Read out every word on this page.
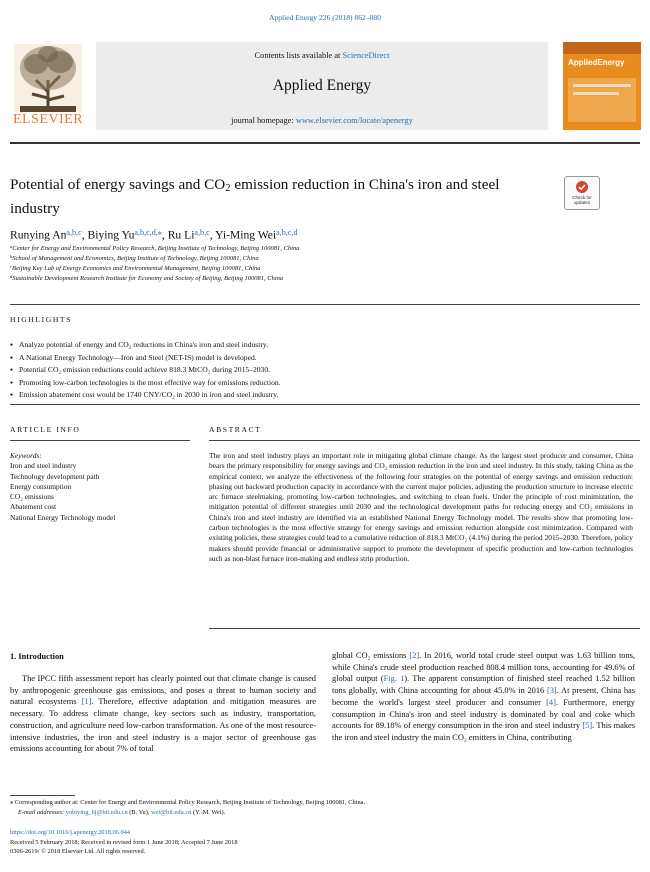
Applied Energy 226 (2018) 862–880
ELSEVIER
Contents lists available at ScienceDirect
Applied Energy
journal homepage: www.elsevier.com/locate/apenergy
AppliedEnergy
Potential of energy savings and $CO_2$ emission reduction in China's iron and steel industry
Check for updates
Runying An$^{a,b,c}$, Biying $Yu^{a,b,c,d,⁎}$, Ru Li$^{a,b,c}$, Yi-Ming Wei$^{a,b,c,d}$
$^a$Center for Energy and Environmental Policy Research, Beijing Institute of Technology, Beijing 100081, China
$^b$School of Management and Economics, Beijing Institute of Technology, Beijing 100081, China
$^c$Beijing Key Lab of Energy Economics and Environmental Management, Beijing 100081, China
$^d$Sustainable Development Research Institute for Economy and Society of Beijing, Beijing 100081, China
HIGHLIGHTS
● Analyze potential of energy and CO₂ reductions in China's iron and steel industry.
● A National Energy Technology—Iron and Steel (NET-IS) model is developed.
● Potential CO₂ emission reductions could achieve 818.3 MtCO₂ during 2015–2030.
● Promoting low-carbon technologies is the most effective way for emissions reduction.
● Emission abatement cost would be 1740 CNY/CO₂ in 2030 in iron and steel industry.
ARTICLE INFO
Keywords:
Iron and steel industry
Technology development path
Energy consumption
CO₂ emissions
Abatement cost
National Energy Technology model
ABSTRACT
The iron and steel industry plays an important role in mitigating global climate change. As the largest steel producer and consumer, China bears the primary responsibility for energy savings and CO₂ emission reduction in the iron and steel industry. In this study, taking China as the empirical context, we analyze the effectiveness of the following four strategies on the potential of energy savings and emission reduction: phasing out backward production capacity in accordance with the current major policies, adjusting the production structure to increase electric arc furnace steelmaking, promoting low-carbon technologies, and switching to clean fuels. Under the principle of cost minimization, the mitigation potential of different strategies until 2030 and the technological development paths for reducing energy and CO₂ emissions in China's iron and steel industry are identified via an established National Energy Technology model. The results show that promoting low-carbon technologies is the most effective strategy for energy savings and emission reduction alongside cost minimization. Compared with existing policies, these strategies could lead to a cumulative reduction of 818.3 MtCO₂ (4.1%) during the period 2015–2030. Therefore, policy makers should provide financial or administrative support to promote the development of specific production and low-carbon technologies such as non-blast furnace iron-making and endless strip production.
1. Introduction
The IPCC fifth assessment report has clearly pointed out that climate change is caused by anthropogenic greenhouse gas emissions, and poses a threat to human society and natural ecosystems [1]. Therefore, effective adaptation and mitigation measures are necessary. To address climate change, key sectors such as industry, transportation, construction, and agriculture need low-carbon transformation. As one of the most resource-intensive industries, the iron and steel industry is a major sector of greenhouse gas emissions accounting for about 7% of total
global CO₂ emissions [2]. In 2016, world total crude steel output was 1.63 billion tons, while China's crude steel production reached 808.4 million tons, accounting for 49.6% of global output (Fig. 1). The apparent consumption of finished steel reached 1.52 billion tons globally, with China accounting for about 45.0% in 2016 [3]. At present, China has become the world's largest steel producer and consumer [4]. Furthermore, energy consumption in China's iron and steel industry is dominated by coal and coke which accounts for 89.18% of energy consumption in the iron and steel industry [5]. This makes the iron and steel industry the main CO₂ emitters in China, contributing
⁎ Corresponding author at: Center for Energy and Environmental Policy Research, Beijing Institute of Technology, Beijing 100081, China.
E-mail addresses: yubiying_bj@bit.edu.cn (B. Yu), wei@bit.edu.cn (Y.-M. Wei).
https://doi.org/10.1016/j.apenergy.2018.06.044
Received 5 February 2018; Received in revised form 1 June 2018; Accepted 7 June 2018
0306-2619/ © 2018 Elsevier Ltd. All rights reserved.
